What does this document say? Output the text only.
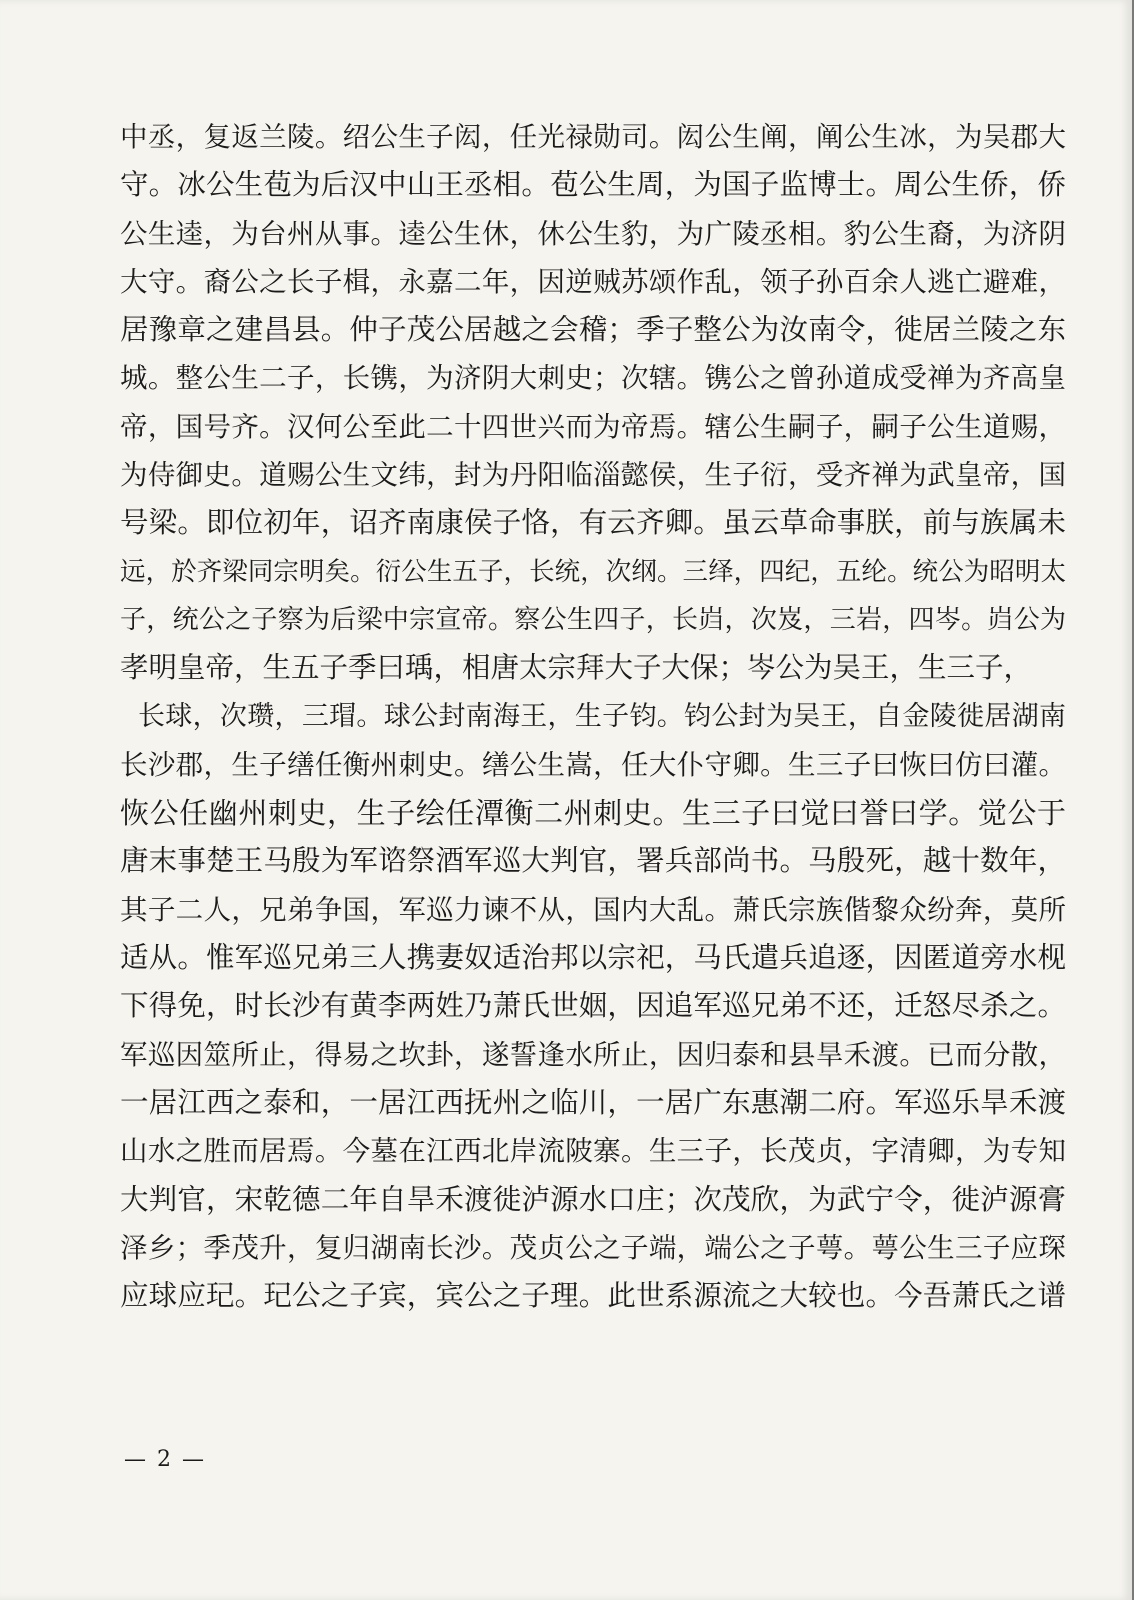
中丞，复返兰陵。绍公生子闳，任光禄勋司。闳公生阐，阐公生冰，为吴郡大
守。冰公生苞为后汉中山王丞相。苞公生周，为国子监博士。周公生侨，侨
公生逵，为台州从事。逵公生休，休公生豹，为广陵丞相。豹公生裔，为济阴
大守。裔公之长子楫，永嘉二年，因逆贼苏颂作乱，领子孙百余人逃亡避难，
居豫章之建昌县。仲子茂公居越之会稽；季子整公为汝南令，徙居兰陵之东
城。整公生二子，长镌，为济阴大刺史；次辖。镌公之曾孙道成受禅为齐高皇
帝，国号齐。汉何公至此二十四世兴而为帝焉。辖公生嗣子，嗣子公生道赐，
为侍御史。道赐公生文纬，封为丹阳临淄懿侯，生子衍，受齐禅为武皇帝，国
号梁。即位初年，诏齐南康侯子恪，有云齐卿。虽云草命事朕，前与族属未
远，於齐梁同宗明矣。衍公生五子，长统，次纲。三绎，四纪，五纶。统公为昭明太
子，统公之子察为后梁中宗宣帝。察公生四子，长岿，次岌，三岩，四岑。岿公为
孝明皇帝，生五子季曰瑀，相唐太宗拜大子大保；岑公为吴王，生三子，
长球，次瓒，三瑁。球公封南海王，生子钧。钧公封为吴王，自金陵徙居湖南
长沙郡，生子缮任衡州刺史。缮公生嵩，任大仆守卿。生三子曰恢曰仿曰灌。
恢公任幽州刺史，生子绘任潭衡二州刺史。生三子曰觉曰誉曰学。觉公于
唐末事楚王马殷为军谘祭酒军巡大判官，署兵部尚书。马殷死，越十数年，
其子二人，兄弟争国，军巡力谏不从，国内大乱。萧氏宗族偕黎众纷奔，莫所
适从。惟军巡兄弟三人携妻奴适治邦以宗祀，马氏遣兵追逐，因匿道旁水枧
下得免，时长沙有黄李两姓乃萧氏世姻，因追军巡兄弟不还，迁怒尽杀之。
军巡因筮所止，得易之坎卦，遂誓逢水所止，因归泰和县旱禾渡。已而分散，
一居江西之泰和，一居江西抚州之临川，一居广东惠潮二府。军巡乐旱禾渡
山水之胜而居焉。今墓在江西北岸流陂寨。生三子，长茂贞，字清卿，为专知
大判官，宋乾德二年自旱禾渡徙泸源水口庄；次茂欣，为武宁令，徙泸源膏
泽乡；季茂升，复归湖南长沙。茂贞公之子端，端公之子萼。萼公生三子应琛
应球应玘。玘公之子宾，宾公之子理。此世系源流之大较也。今吾萧氏之谱
— 2 —
